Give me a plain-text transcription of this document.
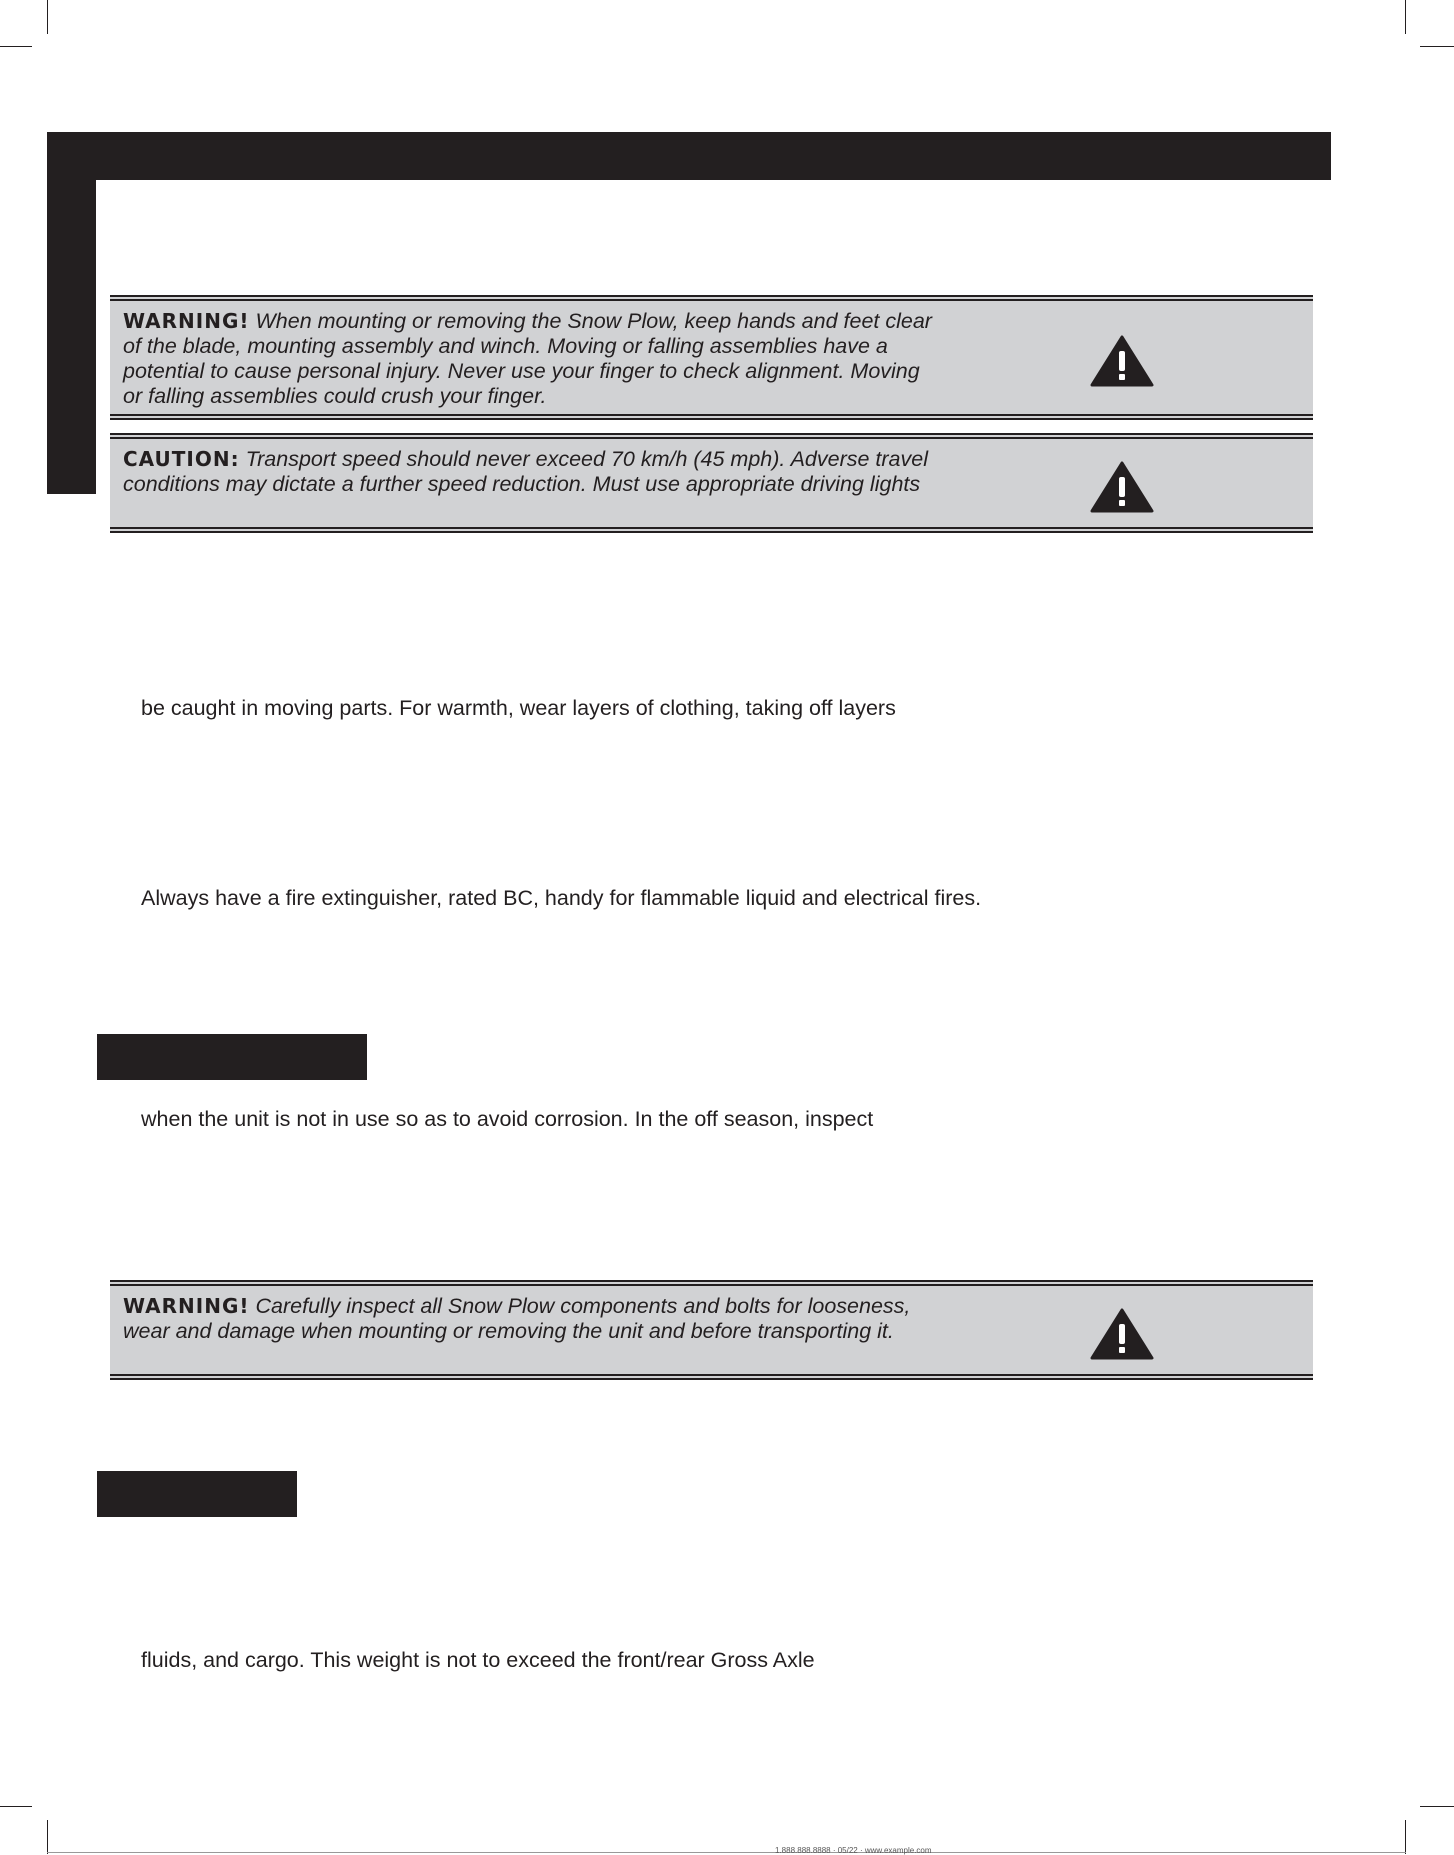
WARNING! When mounting or removing the Snow Plow, keep hands and feet clear of the blade, mounting assembly and winch. Moving or falling assemblies have a potential to cause personal injury. Never use your finger to check alignment. Moving or falling assemblies could crush your finger.
CAUTION: Transport speed should never exceed 70 km/h (45 mph). Adverse travel conditions may dictate a further speed reduction. Must use appropriate driving lights
be caught in moving parts. For warmth, wear layers of clothing, taking off layers
Always have a fire extinguisher, rated BC, handy for flammable liquid and electrical fires.
when the unit is not in use so as to avoid corrosion. In the off season, inspect
WARNING! Carefully inspect all Snow Plow components and bolts for looseness, wear and damage when mounting or removing the unit and before transporting it.
fluids, and cargo. This weight is not to exceed the front/rear Gross Axle
1.888.888.8888 · 05/22 · www.example.com
